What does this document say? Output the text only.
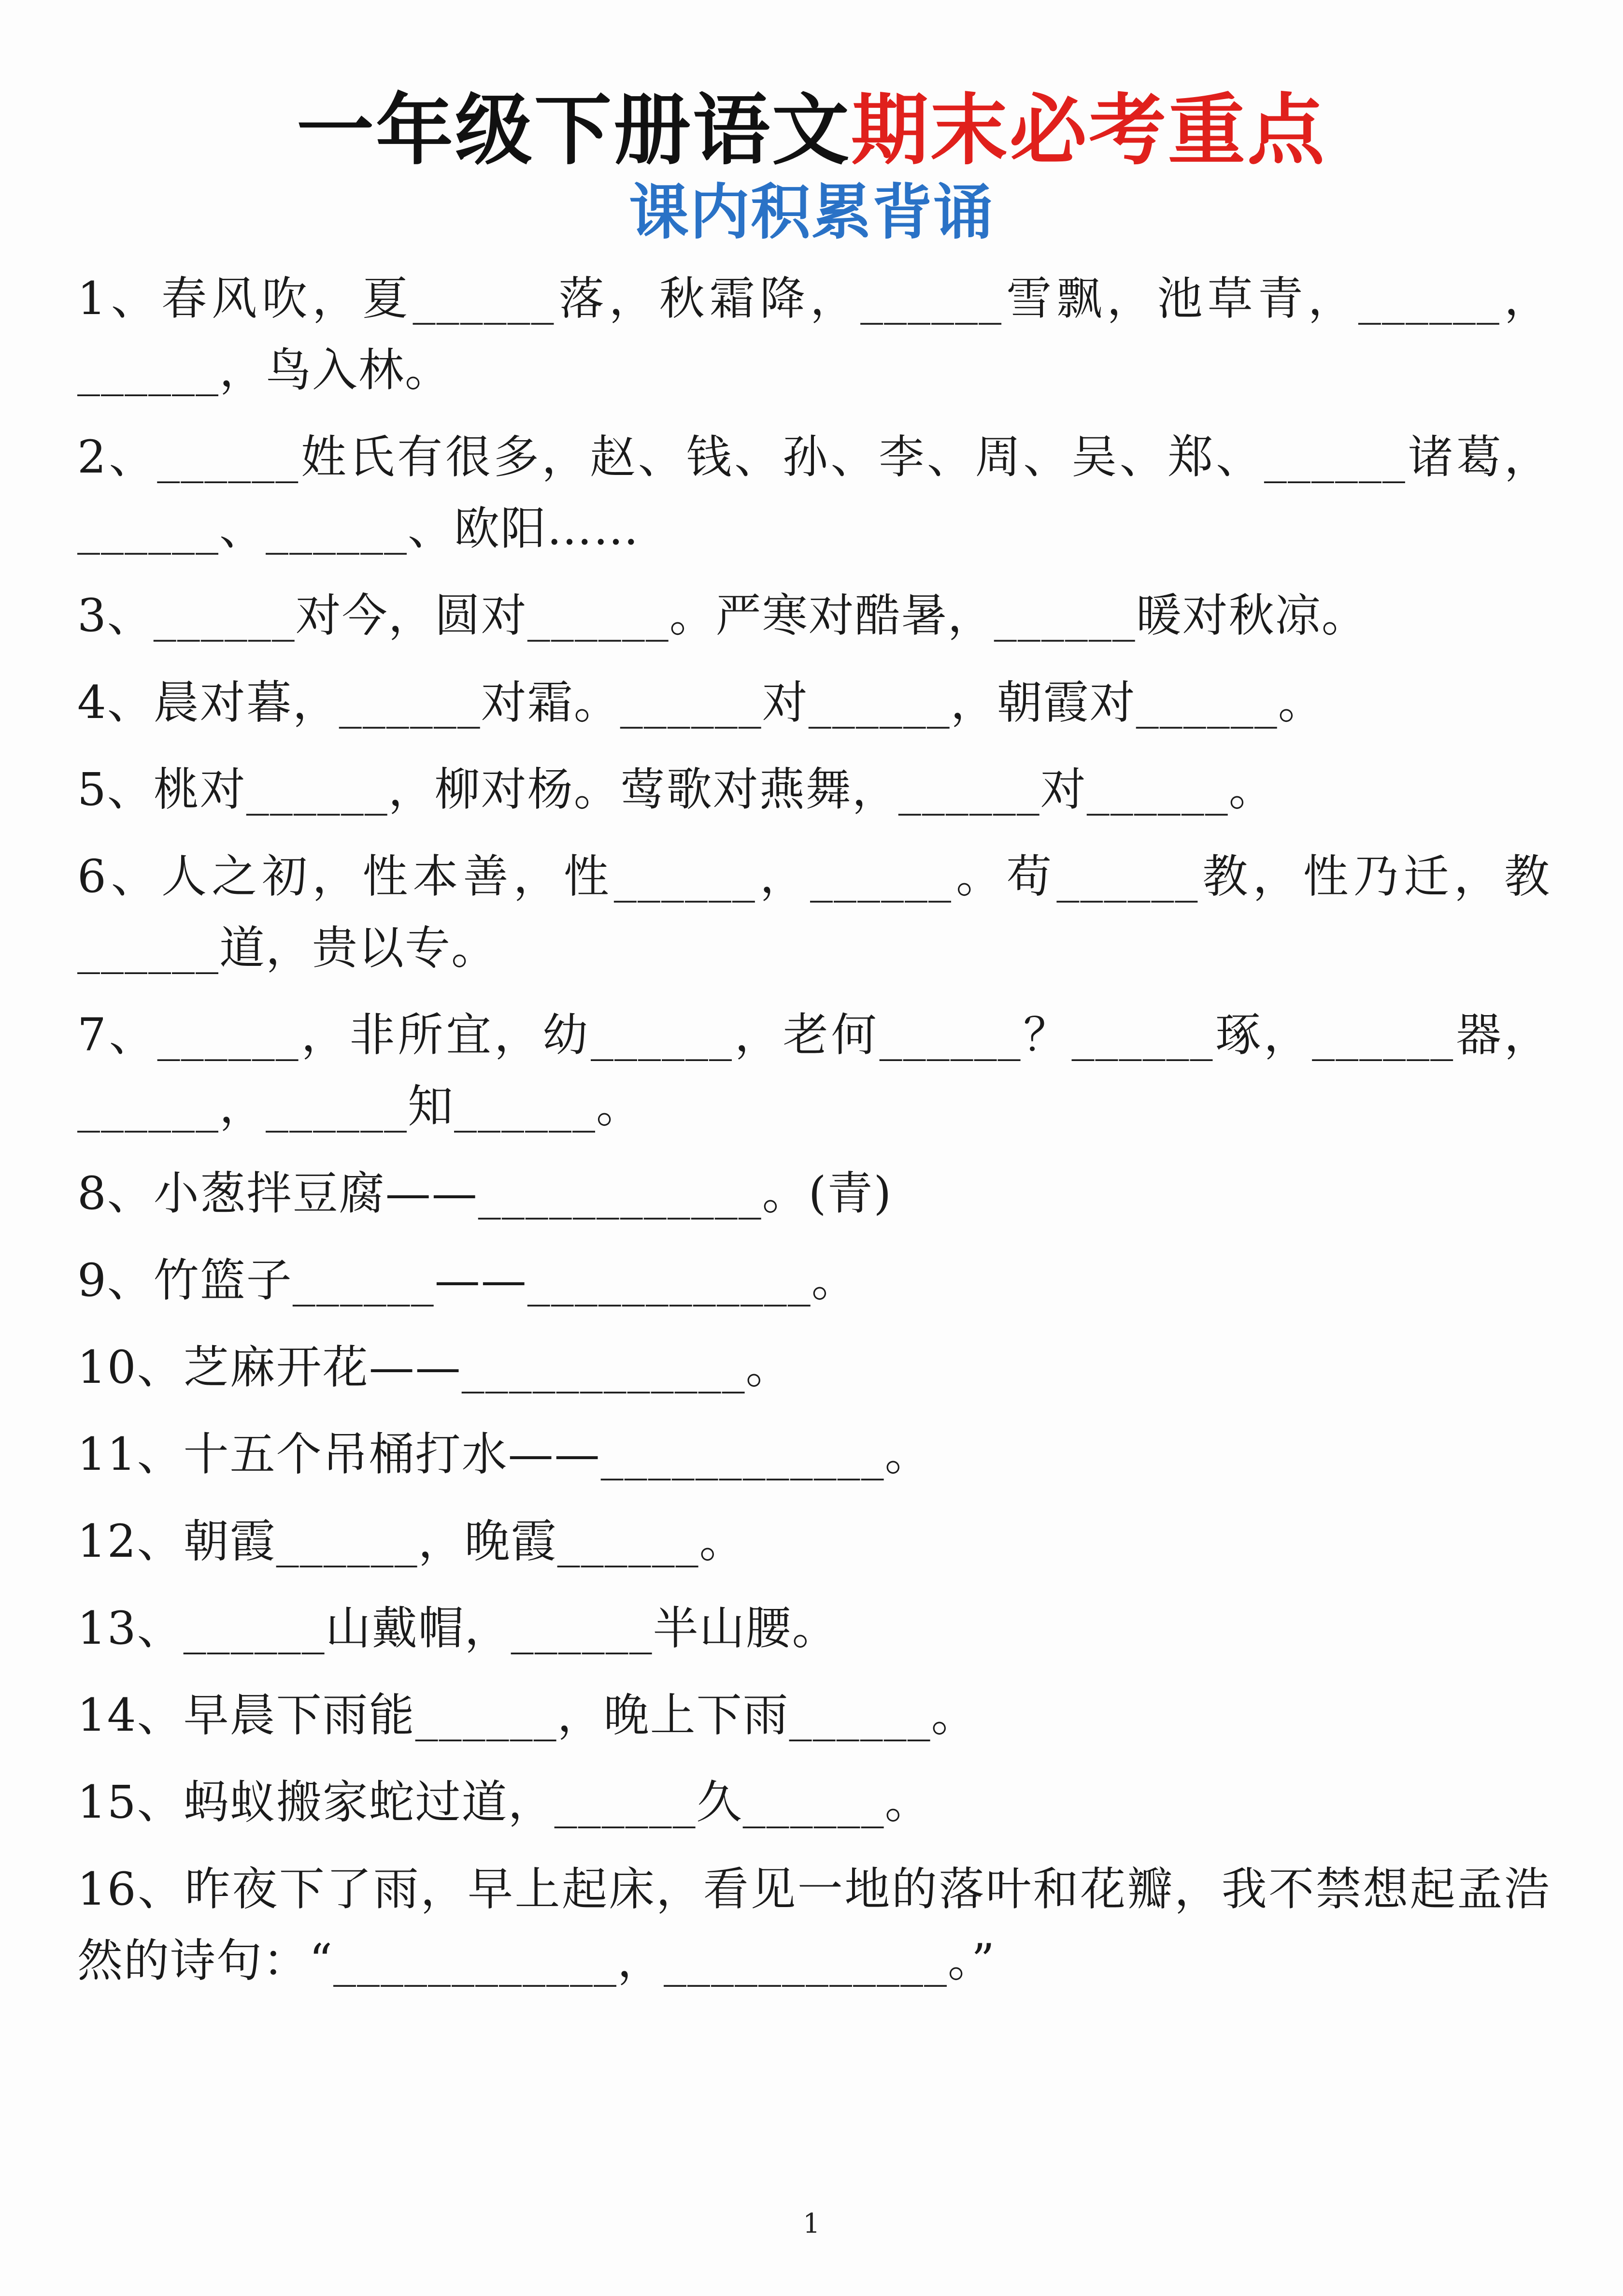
一年级下册语文期末必考重点
课内积累背诵
1、春风吹，夏______落，秋霜降，______雪飘，池草青，______，______，鸟入林。
2、______姓氏有很多，赵、钱、孙、李、周、吴、郑、______诸葛，______、______、欧阳……
3、______对今，圆对______。严寒对酷暑，______暖对秋凉。
4、晨对暮，______对霜。______对______，朝霞对______。
5、桃对______，柳对杨。莺歌对燕舞，______对______。
6、人之初，性本善，性______，______。苟______教，性乃迁，教______道，贵以专。
7、______，非所宜，幼______，老何______？______琢，______器，______，______知______。
8、小葱拌豆腐——____________。(青)
9、竹篮子______——____________。
10、芝麻开花——____________。
11、十五个吊桶打水——____________。
12、朝霞______，晚霞______。
13、______山戴帽，______半山腰。
14、早晨下雨能______，晚上下雨______。
15、蚂蚁搬家蛇过道，______久______。
16、昨夜下了雨，早上起床，看见一地的落叶和花瓣，我不禁想起孟浩然的诗句：“____________，____________。”
1
